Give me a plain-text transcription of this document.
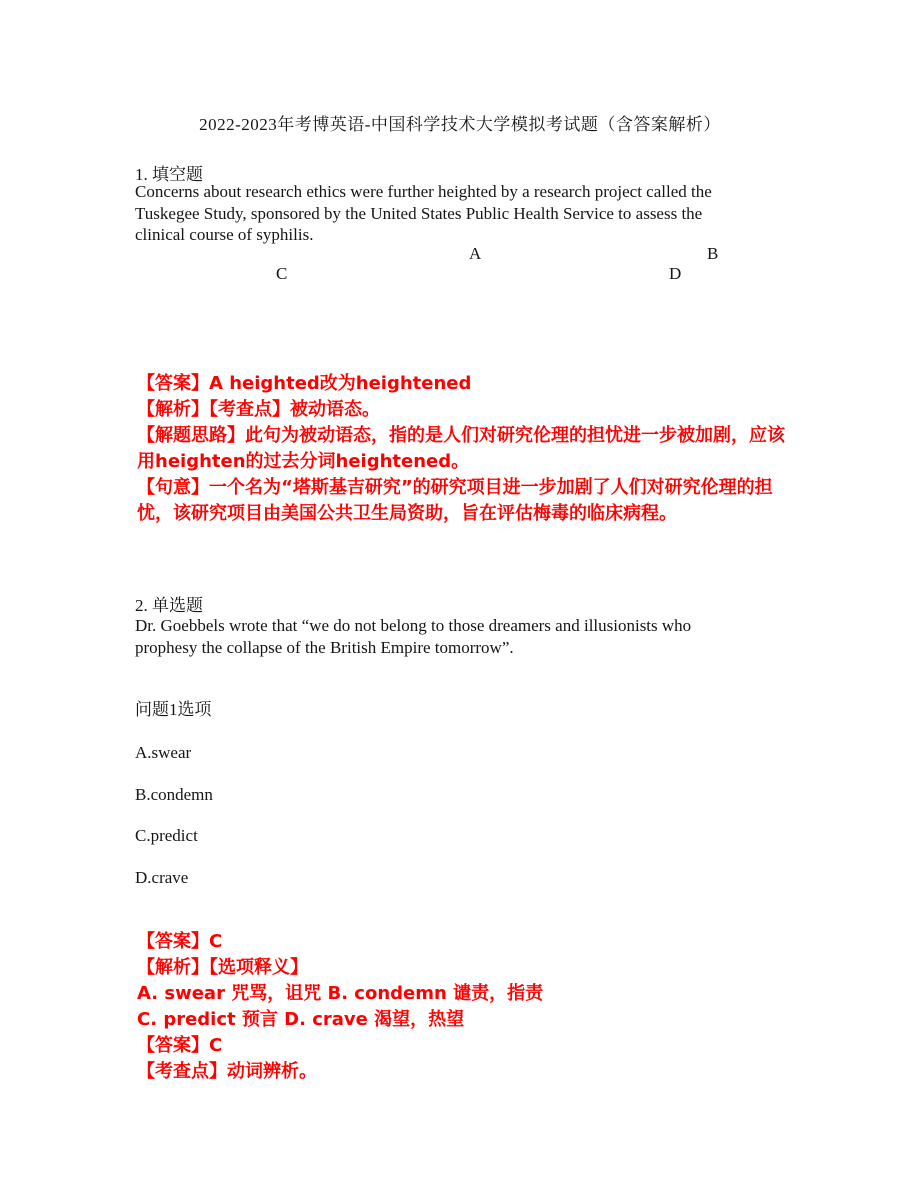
2022-2023年考博英语-中国科学技术大学模拟考试题（含答案解析）
1. 填空题
Concerns about research ethics were further heighted by a research project called the
Tuskegee Study, sponsored by the United States Public Health Service to assess the
clinical course of syphilis.
A	B
C	D
【答案】A heighted改为heightened
【解析】【考查点】被动语态。
【解题思路】此句为被动语态，指的是人们对研究伦理的担忧进一步被加剧，应该
用heighten的过去分词heightened。
【句意】一个名为“塔斯基吉研究”的研究项目进一步加剧了人们对研究伦理的担
忧，该研究项目由美国公共卫生局资助，旨在评估梅毒的临床病程。
2. 单选题
Dr. Goebbels wrote that “we do not belong to those dreamers and illusionists who
prophesy the collapse of the British Empire tomorrow”.
问题1选项
A.swear
B.condemn
C.predict
D.crave
【答案】C
【解析】【选项释义】
A. swear 咒骂，诅咒 B. condemn 谴责，指责
C. predict 预言 D. crave 渴望，热望
【答案】C
【考查点】动词辨析。
